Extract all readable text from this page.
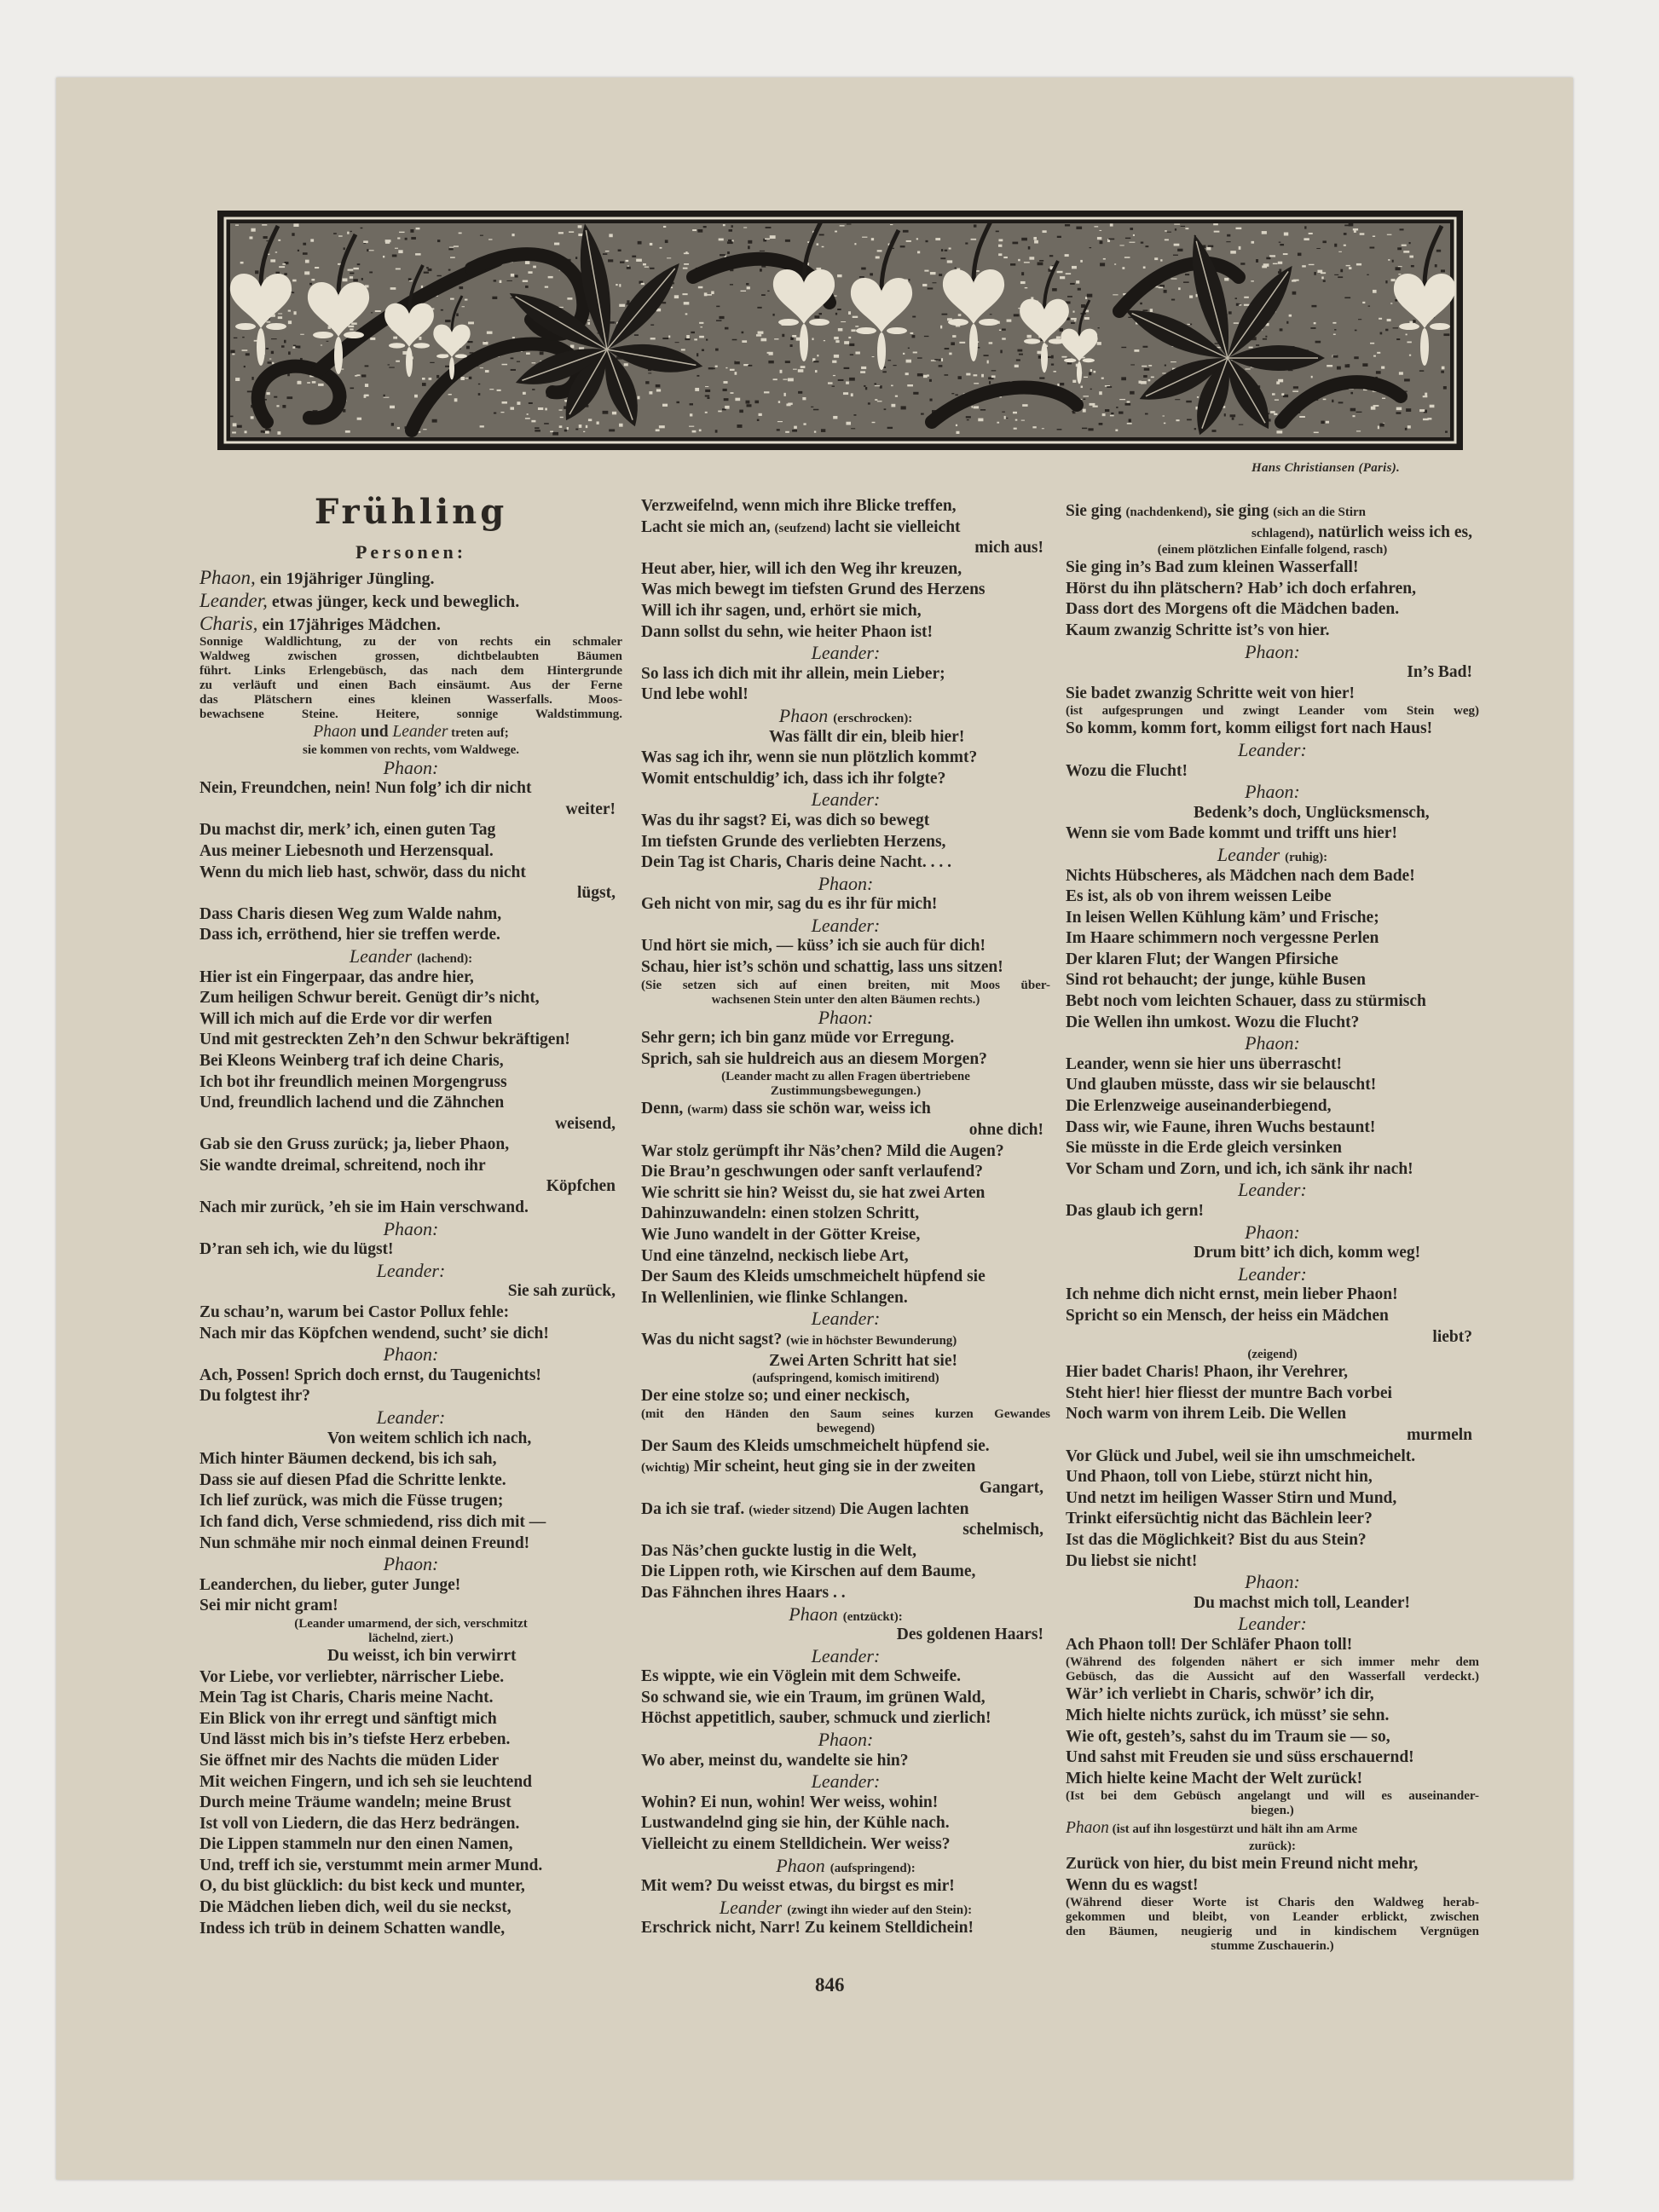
Hans Christiansen (Paris).
Frühling
Personen:
Phaon, ein 19jähriger Jüngling.
Leander, etwas jünger, keck und beweglich.
Charis, ein 17jähriges Mädchen.
Sonnige Waldlichtung, zu der von rechts ein schmaler
Waldweg zwischen grossen, dichtbelaubten Bäumen
führt. Links Erlengebüsch, das nach dem Hintergrunde
zu verläuft und einen Bach einsäumt. Aus der Ferne
das Plätschern eines kleinen Wasserfalls. Moos-
bewachsene Steine. Heitere, sonnige Waldstimmung.
Phaon und Leander treten auf;
sie kommen von rechts, vom Waldwege.
Phaon:
Nein, Freundchen, nein! Nun folg’ ich dir nicht
weiter!
Du machst dir, merk’ ich, einen guten Tag
Aus meiner Liebesnoth und Herzensqual.
Wenn du mich lieb hast, schwör, dass du nicht
lügst,
Dass Charis diesen Weg zum Walde nahm,
Dass ich, erröthend, hier sie treffen werde.
Leander (lachend):
Hier ist ein Fingerpaar, das andre hier,
Zum heiligen Schwur bereit. Genügt dir’s nicht,
Will ich mich auf die Erde vor dir werfen
Und mit gestreckten Zeh’n den Schwur bekräftigen!
Bei Kleons Weinberg traf ich deine Charis,
Ich bot ihr freundlich meinen Morgengruss
Und, freundlich lachend und die Zähnchen
weisend,
Gab sie den Gruss zurück; ja, lieber Phaon,
Sie wandte dreimal, schreitend, noch ihr
Köpfchen
Nach mir zurück, ’eh sie im Hain verschwand.
Phaon:
D’ran seh ich, wie du lügst!
Leander:
Sie sah zurück,
Zu schau’n, warum bei Castor Pollux fehle:
Nach mir das Köpfchen wendend, sucht’ sie dich!
Phaon:
Ach, Possen! Sprich doch ernst, du Taugenichts!
Du folgtest ihr?
Leander:
Von weitem schlich ich nach,
Mich hinter Bäumen deckend, bis ich sah,
Dass sie auf diesen Pfad die Schritte lenkte.
Ich lief zurück, was mich die Füsse trugen;
Ich fand dich, Verse schmiedend, riss dich mit —
Nun schmähe mir noch einmal deinen Freund!
Phaon:
Leanderchen, du lieber, guter Junge!
Sei mir nicht gram!
(Leander umarmend, der sich, verschmitzt
lächelnd, ziert.)
Du weisst, ich bin verwirrt
Vor Liebe, vor verliebter, närrischer Liebe.
Mein Tag ist Charis, Charis meine Nacht.
Ein Blick von ihr erregt und sänftigt mich
Und lässt mich bis in’s tiefste Herz erbeben.
Sie öffnet mir des Nachts die müden Lider
Mit weichen Fingern, und ich seh sie leuchtend
Durch meine Träume wandeln; meine Brust
Ist voll von Liedern, die das Herz bedrängen.
Die Lippen stammeln nur den einen Namen,
Und, treff ich sie, verstummt mein armer Mund.
O, du bist glücklich: du bist keck und munter,
Die Mädchen lieben dich, weil du sie neckst,
Indess ich trüb in deinem Schatten wandle,
Verzweifelnd, wenn mich ihre Blicke treffen,
Lacht sie mich an, (seufzend) lacht sie vielleicht
mich aus!
Heut aber, hier, will ich den Weg ihr kreuzen,
Was mich bewegt im tiefsten Grund des Herzens
Will ich ihr sagen, und, erhört sie mich,
Dann sollst du sehn, wie heiter Phaon ist!
Leander:
So lass ich dich mit ihr allein, mein Lieber;
Und lebe wohl!
Phaon (erschrocken):
Was fällt dir ein, bleib hier!
Was sag ich ihr, wenn sie nun plötzlich kommt?
Womit entschuldig’ ich, dass ich ihr folgte?
Leander:
Was du ihr sagst? Ei, was dich so bewegt
Im tiefsten Grunde des verliebten Herzens,
Dein Tag ist Charis, Charis deine Nacht. . . .
Phaon:
Geh nicht von mir, sag du es ihr für mich!
Leander:
Und hört sie mich, — küss’ ich sie auch für dich!
Schau, hier ist’s schön und schattig, lass uns sitzen!
(Sie setzen sich auf einen breiten, mit Moos über-
wachsenen Stein unter den alten Bäumen rechts.)
Phaon:
Sehr gern; ich bin ganz müde vor Erregung.
Sprich, sah sie huldreich aus an diesem Morgen?
(Leander macht zu allen Fragen übertriebene
Zustimmungsbewegungen.)
Denn, (warm) dass sie schön war, weiss ich
ohne dich!
War stolz gerümpft ihr Näs’chen? Mild die Augen?
Die Brau’n geschwungen oder sanft verlaufend?
Wie schritt sie hin? Weisst du, sie hat zwei Arten
Dahinzuwandeln: einen stolzen Schritt,
Wie Juno wandelt in der Götter Kreise,
Und eine tänzelnd, neckisch liebe Art,
Der Saum des Kleids umschmeichelt hüpfend sie
In Wellenlinien, wie flinke Schlangen.
Leander:
Was du nicht sagst? (wie in höchster Bewunderung)
Zwei Arten Schritt hat sie!
(aufspringend, komisch imitirend)
Der eine stolze so; und einer neckisch,
(mit den Händen den Saum seines kurzen Gewandes
bewegend)
Der Saum des Kleids umschmeichelt hüpfend sie.
(wichtig) Mir scheint, heut ging sie in der zweiten
Gangart,
Da ich sie traf. (wieder sitzend) Die Augen lachten
schelmisch,
Das Näs’chen guckte lustig in die Welt,
Die Lippen roth, wie Kirschen auf dem Baume,
Das Fähnchen ihres Haars . .
Phaon (entzückt):
Des goldenen Haars!
Leander:
Es wippte, wie ein Vöglein mit dem Schweife.
So schwand sie, wie ein Traum, im grünen Wald,
Höchst appetitlich, sauber, schmuck und zierlich!
Phaon:
Wo aber, meinst du, wandelte sie hin?
Leander:
Wohin? Ei nun, wohin! Wer weiss, wohin!
Lustwandelnd ging sie hin, der Kühle nach.
Vielleicht zu einem Stelldichein. Wer weiss?
Phaon (aufspringend):
Mit wem? Du weisst etwas, du birgst es mir!
Leander (zwingt ihn wieder auf den Stein):
Erschrick nicht, Narr! Zu keinem Stelldichein!
Sie ging (nachdenkend), sie ging (sich an die Stirn
schlagend), natürlich weiss ich es,
(einem plötzlichen Einfalle folgend, rasch)
Sie ging in’s Bad zum kleinen Wasserfall!
Hörst du ihn plätschern? Hab’ ich doch erfahren,
Dass dort des Morgens oft die Mädchen baden.
Kaum zwanzig Schritte ist’s von hier.
Phaon:
In’s Bad!
Sie badet zwanzig Schritte weit von hier!
(ist aufgesprungen und zwingt Leander vom Stein weg)
So komm, komm fort, komm eiligst fort nach Haus!
Leander:
Wozu die Flucht!
Phaon:
Bedenk’s doch, Unglücksmensch,
Wenn sie vom Bade kommt und trifft uns hier!
Leander (ruhig):
Nichts Hübscheres, als Mädchen nach dem Bade!
Es ist, als ob von ihrem weissen Leibe
In leisen Wellen Kühlung käm’ und Frische;
Im Haare schimmern noch vergessne Perlen
Der klaren Flut; der Wangen Pfirsiche
Sind rot behaucht; der junge, kühle Busen
Bebt noch vom leichten Schauer, dass zu stürmisch
Die Wellen ihn umkost. Wozu die Flucht?
Phaon:
Leander, wenn sie hier uns überrascht!
Und glauben müsste, dass wir sie belauscht!
Die Erlenzweige auseinanderbiegend,
Dass wir, wie Faune, ihren Wuchs bestaunt!
Sie müsste in die Erde gleich versinken
Vor Scham und Zorn, und ich, ich sänk ihr nach!
Leander:
Das glaub ich gern!
Phaon:
Drum bitt’ ich dich, komm weg!
Leander:
Ich nehme dich nicht ernst, mein lieber Phaon!
Spricht so ein Mensch, der heiss ein Mädchen
liebt?
(zeigend)
Hier badet Charis! Phaon, ihr Verehrer,
Steht hier! hier fliesst der muntre Bach vorbei
Noch warm von ihrem Leib. Die Wellen
murmeln
Vor Glück und Jubel, weil sie ihn umschmeichelt.
Und Phaon, toll von Liebe, stürzt nicht hin,
Und netzt im heiligen Wasser Stirn und Mund,
Trinkt eifersüchtig nicht das Bächlein leer?
Ist das die Möglichkeit? Bist du aus Stein?
Du liebst sie nicht!
Phaon:
Du machst mich toll, Leander!
Leander:
Ach Phaon toll! Der Schläfer Phaon toll!
(Während des folgenden nähert er sich immer mehr dem
Gebüsch, das die Aussicht auf den Wasserfall verdeckt.)
Wär’ ich verliebt in Charis, schwör’ ich dir,
Mich hielte nichts zurück, ich müsst’ sie sehn.
Wie oft, gesteh’s, sahst du im Traum sie — so,
Und sahst mit Freuden sie und süss erschauernd!
Mich hielte keine Macht der Welt zurück!
(Ist bei dem Gebüsch angelangt und will es auseinander-
biegen.)
Phaon (ist auf ihn losgestürzt und hält ihn am Arme
zurück):
Zurück von hier, du bist mein Freund nicht mehr,
Wenn du es wagst!
(Während dieser Worte ist Charis den Waldweg herab-
gekommen und bleibt, von Leander erblickt, zwischen
den Bäumen, neugierig und in kindischem Vergnügen
stumme Zuschauerin.)
846
